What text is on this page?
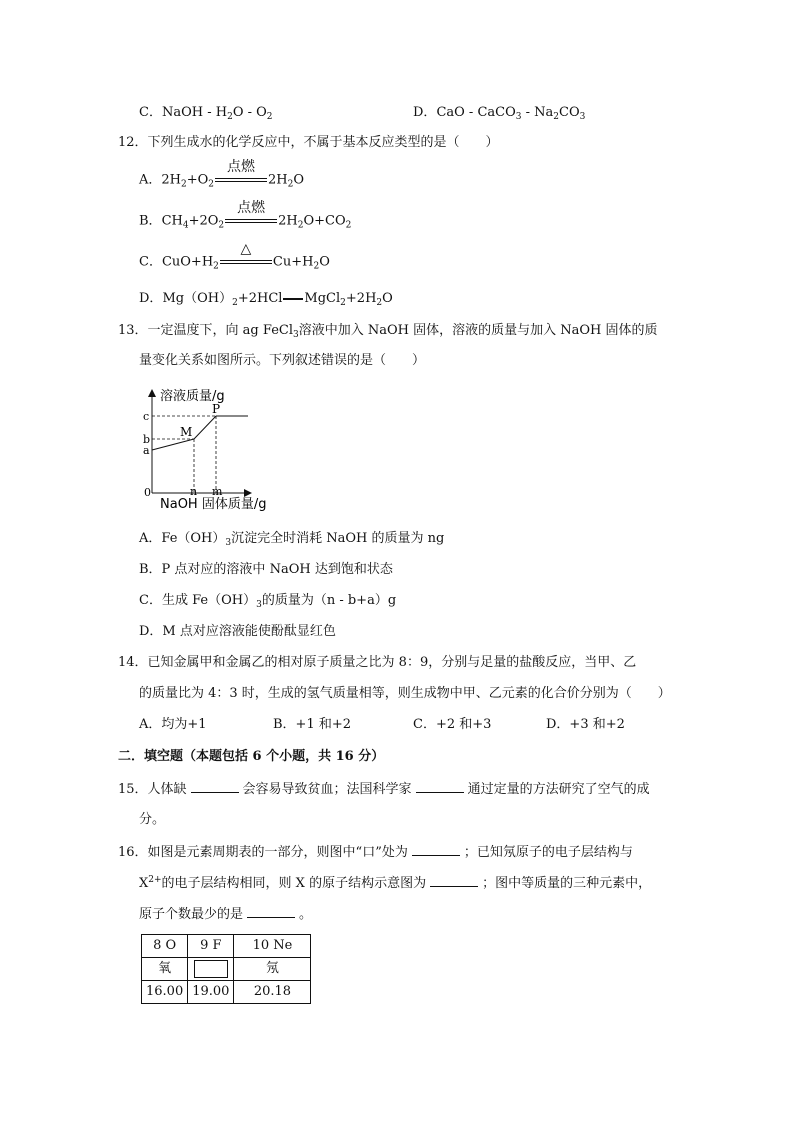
C．NaOH - $H_2O - O_2$	D．CaO - CaCO$_3$ - $Na_2CO_3$
12．下列生成水的化学反应中，不属于基本反应类型的是（　　）
A．$2H_2+O_2$
点燃
$2H_2O$
B．$CH_4+2O_2$
点燃
$2H_2O+CO_2$
C．$CuO+H_2$
△
$Cu+H_2O$
D．$Mg(OH)_2+2HCl$ $MgCl_2+2H_2O$
13．一定温度下，向 ag FeCl$_3$溶液中加入 NaOH 固体，溶液的质量与加入 NaOH 固体的质
量变化关系如图所示。下列叙述错误的是（　　）
溶液质量/g
NaOH 固体质量/g
0
a
b
c
n m
M
P
A．$Fe(OH)_3$沉淀完全时消耗 NaOH 的质量为 ng
B．P 点对应的溶液中 NaOH 达到饱和状态
C．生成 $Fe(OH)_3$的质量为（n - b+a）g
D．M 点对应溶液能使酚酞显红色
14．已知金属甲和金属乙的相对原子质量之比为 8：9，分别与足量的盐酸反应，当甲、乙
的质量比为 4：3 时，生成的氢气质量相等，则生成物中甲、乙元素的化合价分别为（　　）
A．均为+1	B．+1 和+2	C．+2 和+3	D．+3 和+2
二．填空题（本题包括 6 个小题，共 16 分）
15．人体缺	会容易导致贫血；法国科学家	通过定量的方法研究了空气的成
分。
16．如图是元素周期表的一部分，则图中“口”处为	；已知氖原子的电子层结构与
$X^{2+}$的电子层结构相同，则 X 的原子结构示意图为	；图中等质量的三种元素中，
原子个数最少的是	。
8 O	9 F	10 Ne
氧		氖
16.00	19.00	20.18
